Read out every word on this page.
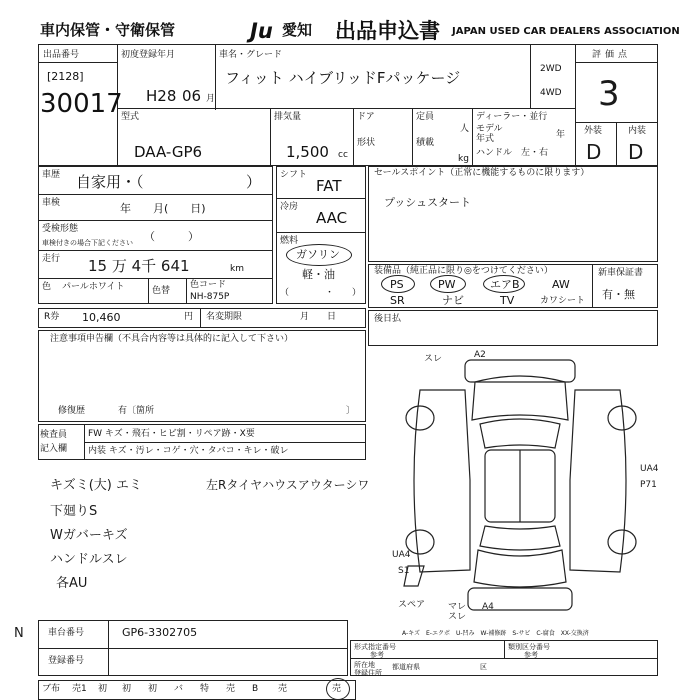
車内保管・守衛保管	Ju 愛知 出品申込書 JAPAN USED CAR DEALERS ASSOCIATION
出品番号
[2128]
30017
初度登録年月
H28 06 月
車名・グレード
フィット ハイブリッドFパッケージ	2WD
4WD
評価点
3
外装	内装
D D
型式
DAA-GP6
排気量
1,500 cc
ドア
形状
定員
人
積載
kg
ディーラー・並行
モデル
年式	年
ハンドル　左・右
車歴 自家用・（	）
車検	年　　月(　　日)
受検形態
車検付きの場合下記ください （　　　）
走行 15 万 4千 641	km
色 パールホワイト	色替
色コード
NH-875P
シフト
FAT
冷房
AAC
燃料
ガソリン
軽・油
（　　　　・　　）
セールスポイント（正常に機能するものに限ります）
プッシュスタート
装備品（純正品に限り◎をつけてください）
PS	PW	エアB	AW
SR	ナビ	TV	カワシート
新車保証書
有・無
R券 10,460	円 名変期限	月　　日	後日払
注意事項申告欄（不具合内容等は具体的に記入して下さい）
修復歴	有〔箇所	〕
検査員
記入欄
FW キズ・飛石・ヒビ割・リペア跡・X要
内装 キズ・汚レ・コゲ・穴・タバコ・キレ・破レ
キズミ(大) エミ	左Rタイヤハウスアウターシワ
下廻りS
Wガバーキズ
ハンドルスレ
各AU
スレ	A2
UA4
P71
UA4
S1
スペア	マレ
スレ
A4
A-キズ　E-エクボ　U-凹み　W-補修跡　S-サビ　C-腐食　XX-交換済
N	車台番号	GP6-3302705
登録番号
形式指定番号
参考
類別区分番号
参考
所在地
登録住所
都道府県	区
ブ布 売1 初 初 初 バ 特 売 B 売	売
